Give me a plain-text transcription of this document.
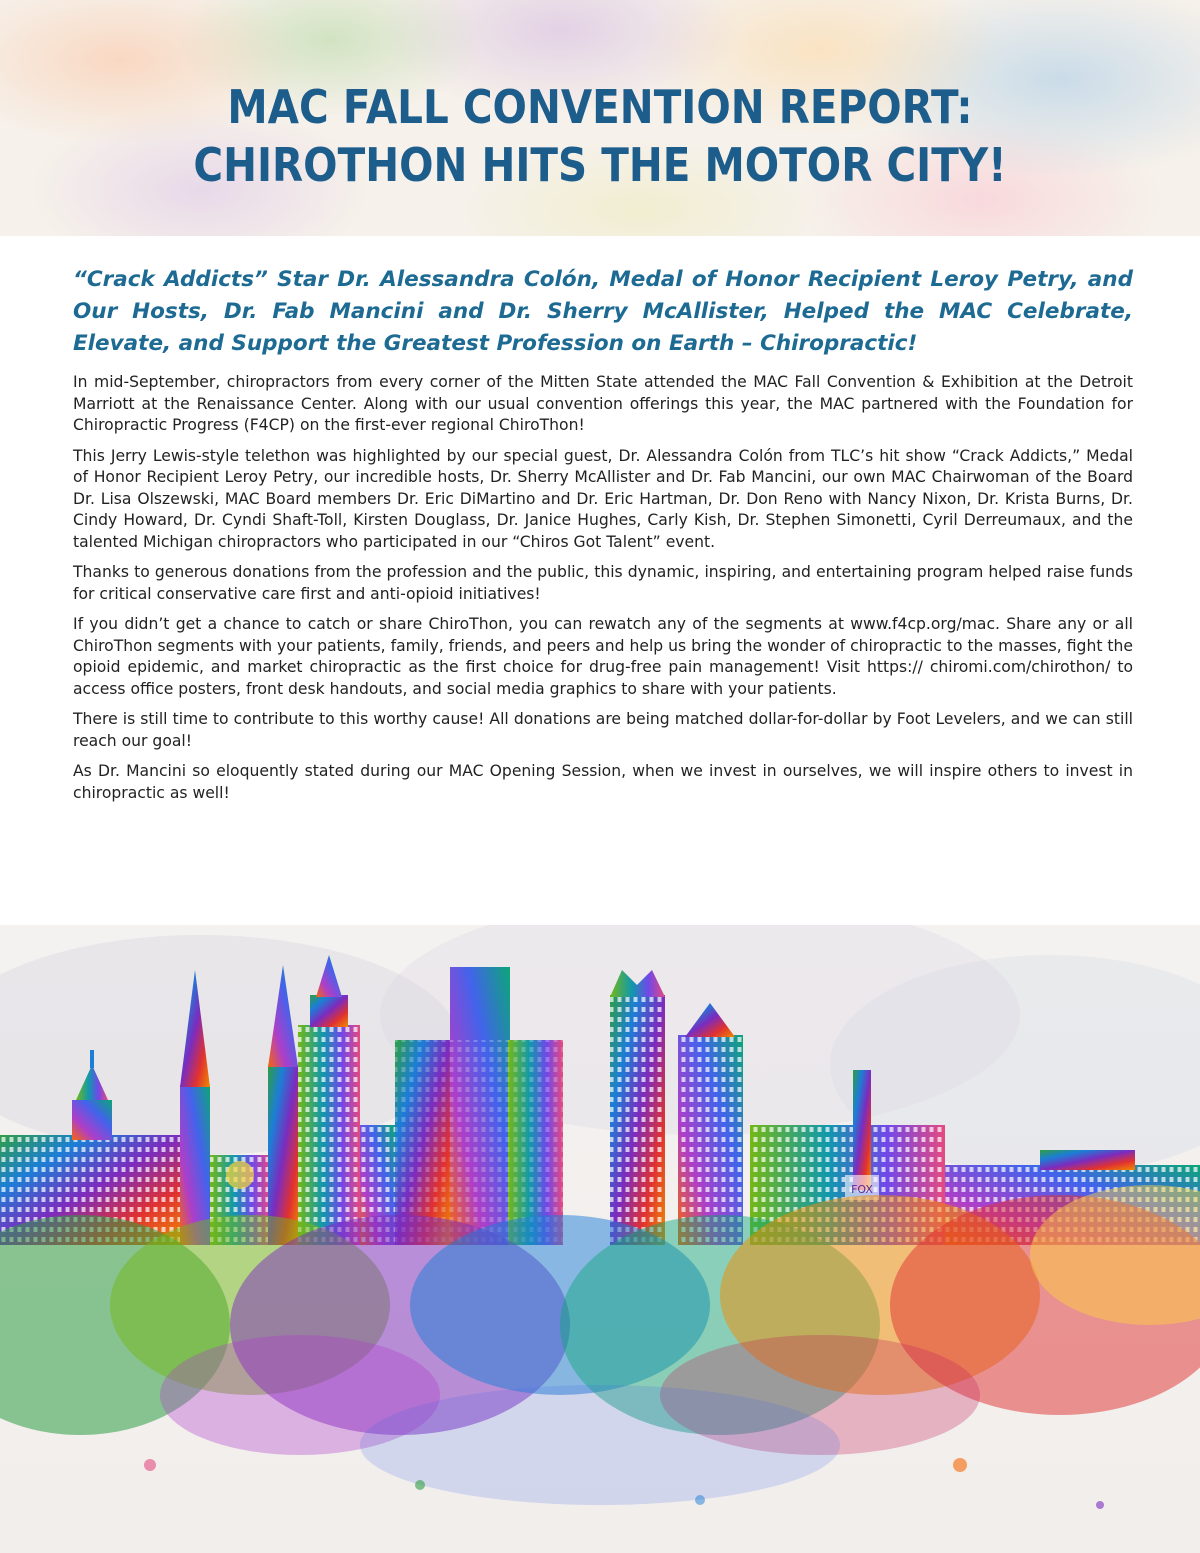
MAC FALL CONVENTION REPORT:
CHIROTHON HITS THE MOTOR CITY!

“Crack Addicts” Star Dr. Alessandra Colón, Medal of Honor Recipient Leroy Petry, and Our Hosts, Dr. Fab Mancini and Dr. Sherry McAllister, Helped the MAC Celebrate, Elevate, and Support the Greatest Profession on Earth – Chiropractic!

In mid-September, chiropractors from every corner of the Mitten State attended the MAC Fall Convention & Exhibition at the Detroit Marriott at the Renaissance Center. Along with our usual convention offerings this year, the MAC partnered with the Foundation for Chiropractic Progress (F4CP) on the first-ever regional ChiroThon!

This Jerry Lewis-style telethon was highlighted by our special guest, Dr. Alessandra Colón from TLC’s hit show “Crack Addicts,” Medal of Honor Recipient Leroy Petry, our incredible hosts, Dr. Sherry McAllister and Dr. Fab Mancini, our own MAC Chairwoman of the Board Dr. Lisa Olszewski, MAC Board members Dr. Eric DiMartino and Dr. Eric Hartman, Dr. Don Reno with Nancy Nixon, Dr. Krista Burns, Dr. Cindy Howard, Dr. Cyndi Shaft-Toll, Kirsten Douglass, Dr. Janice Hughes, Carly Kish, Dr. Stephen Simonetti, Cyril Derreumaux, and the talented Michigan chiropractors who participated in our “Chiros Got Talent” event.

Thanks to generous donations from the profession and the public, this dynamic, inspiring, and entertaining program helped raise funds for critical conservative care first and anti-opioid initiatives!

If you didn’t get a chance to catch or share ChiroThon, you can rewatch any of the segments at www.f4cp.org/mac. Share any or all ChiroThon segments with your patients, family, friends, and peers and help us bring the wonder of chiropractic to the masses, fight the opioid epidemic, and market chiropractic as the first choice for drug-free pain management! Visit https:// chiromi.com/chirothon/ to access office posters, front desk handouts, and social media graphics to share with your patients.

There is still time to contribute to this worthy cause! All donations are being matched dollar-for-dollar by Foot Levelers, and we can still reach our goal!

As Dr. Mancini so eloquently stated during our MAC Opening Session, when we invest in ourselves, we will inspire others to invest in chiropractic as well!

FOX
